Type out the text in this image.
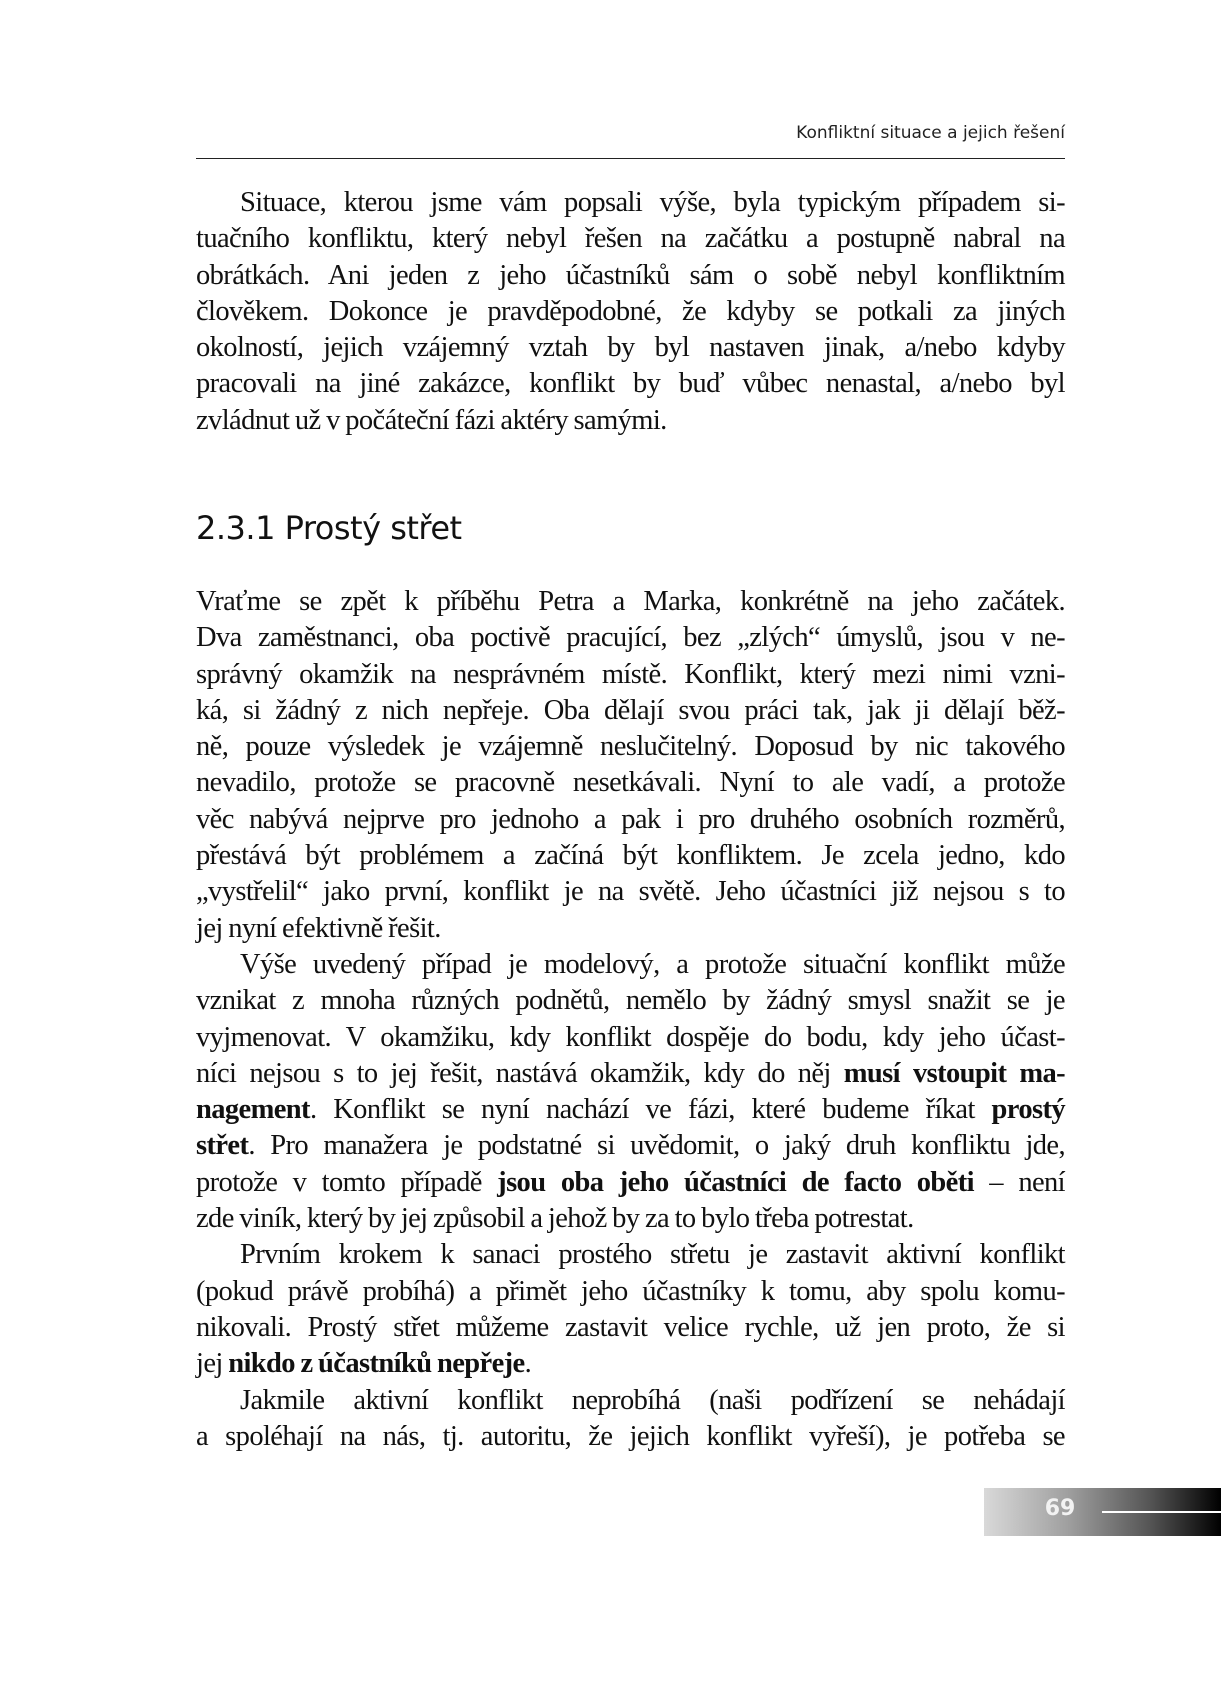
Konfliktní situace a jejich řešení
Situace, kterou jsme vám popsali výše, byla typickým případem si-
tuačního konfliktu, který nebyl řešen na začátku a postupně nabral na
obrátkách. Ani jeden z jeho účastníků sám o sobě nebyl konfliktním
člověkem. Dokonce je pravděpodobné, že kdyby se potkali za jiných
okolností, jejich vzájemný vztah by byl nastaven jinak, a/nebo kdyby
pracovali na jiné zakázce, konflikt by buď vůbec nenastal, a/nebo byl
zvládnut už v počáteční fázi aktéry samými.
2.3.1 Prostý střet
Vraťme se zpět k příběhu Petra a Marka, konkrétně na jeho začátek.
Dva zaměstnanci, oba poctivě pracující, bez „zlých“ úmyslů, jsou v ne-
správný okamžik na nesprávném místě. Konflikt, který mezi nimi vzni-
ká, si žádný z nich nepřeje. Oba dělají svou práci tak, jak ji dělají běž-
ně, pouze výsledek je vzájemně neslučitelný. Doposud by nic takového
nevadilo, protože se pracovně nesetkávali. Nyní to ale vadí, a protože
věc nabývá nejprve pro jednoho a pak i pro druhého osobních rozměrů,
přestává být problémem a začíná být konfliktem. Je zcela jedno, kdo
„vystřelil“ jako první, konflikt je na světě. Jeho účastníci již nejsou s to
jej nyní efektivně řešit.
Výše uvedený případ je modelový, a protože situační konflikt může
vznikat z mnoha různých podnětů, nemělo by žádný smysl snažit se je
vyjmenovat. V okamžiku, kdy konflikt dospěje do bodu, kdy jeho účast-
níci nejsou s to jej řešit, nastává okamžik, kdy do něj musí vstoupit ma-
nagement. Konflikt se nyní nachází ve fázi, které budeme říkat prostý
střet. Pro manažera je podstatné si uvědomit, o jaký druh konfliktu jde,
protože v tomto případě jsou oba jeho účastníci de facto oběti – není
zde viník, který by jej způsobil a jehož by za to bylo třeba potrestat.
Prvním krokem k sanaci prostého střetu je zastavit aktivní konflikt
(pokud právě probíhá) a přimět jeho účastníky k tomu, aby spolu komu-
nikovali. Prostý střet můžeme zastavit velice rychle, už jen proto, že si
jej nikdo z účastníků nepřeje.
Jakmile aktivní konflikt neprobíhá (naši podřízení se nehádají
a spoléhají na nás, tj. autoritu, že jejich konflikt vyřeší), je potřeba se
69
